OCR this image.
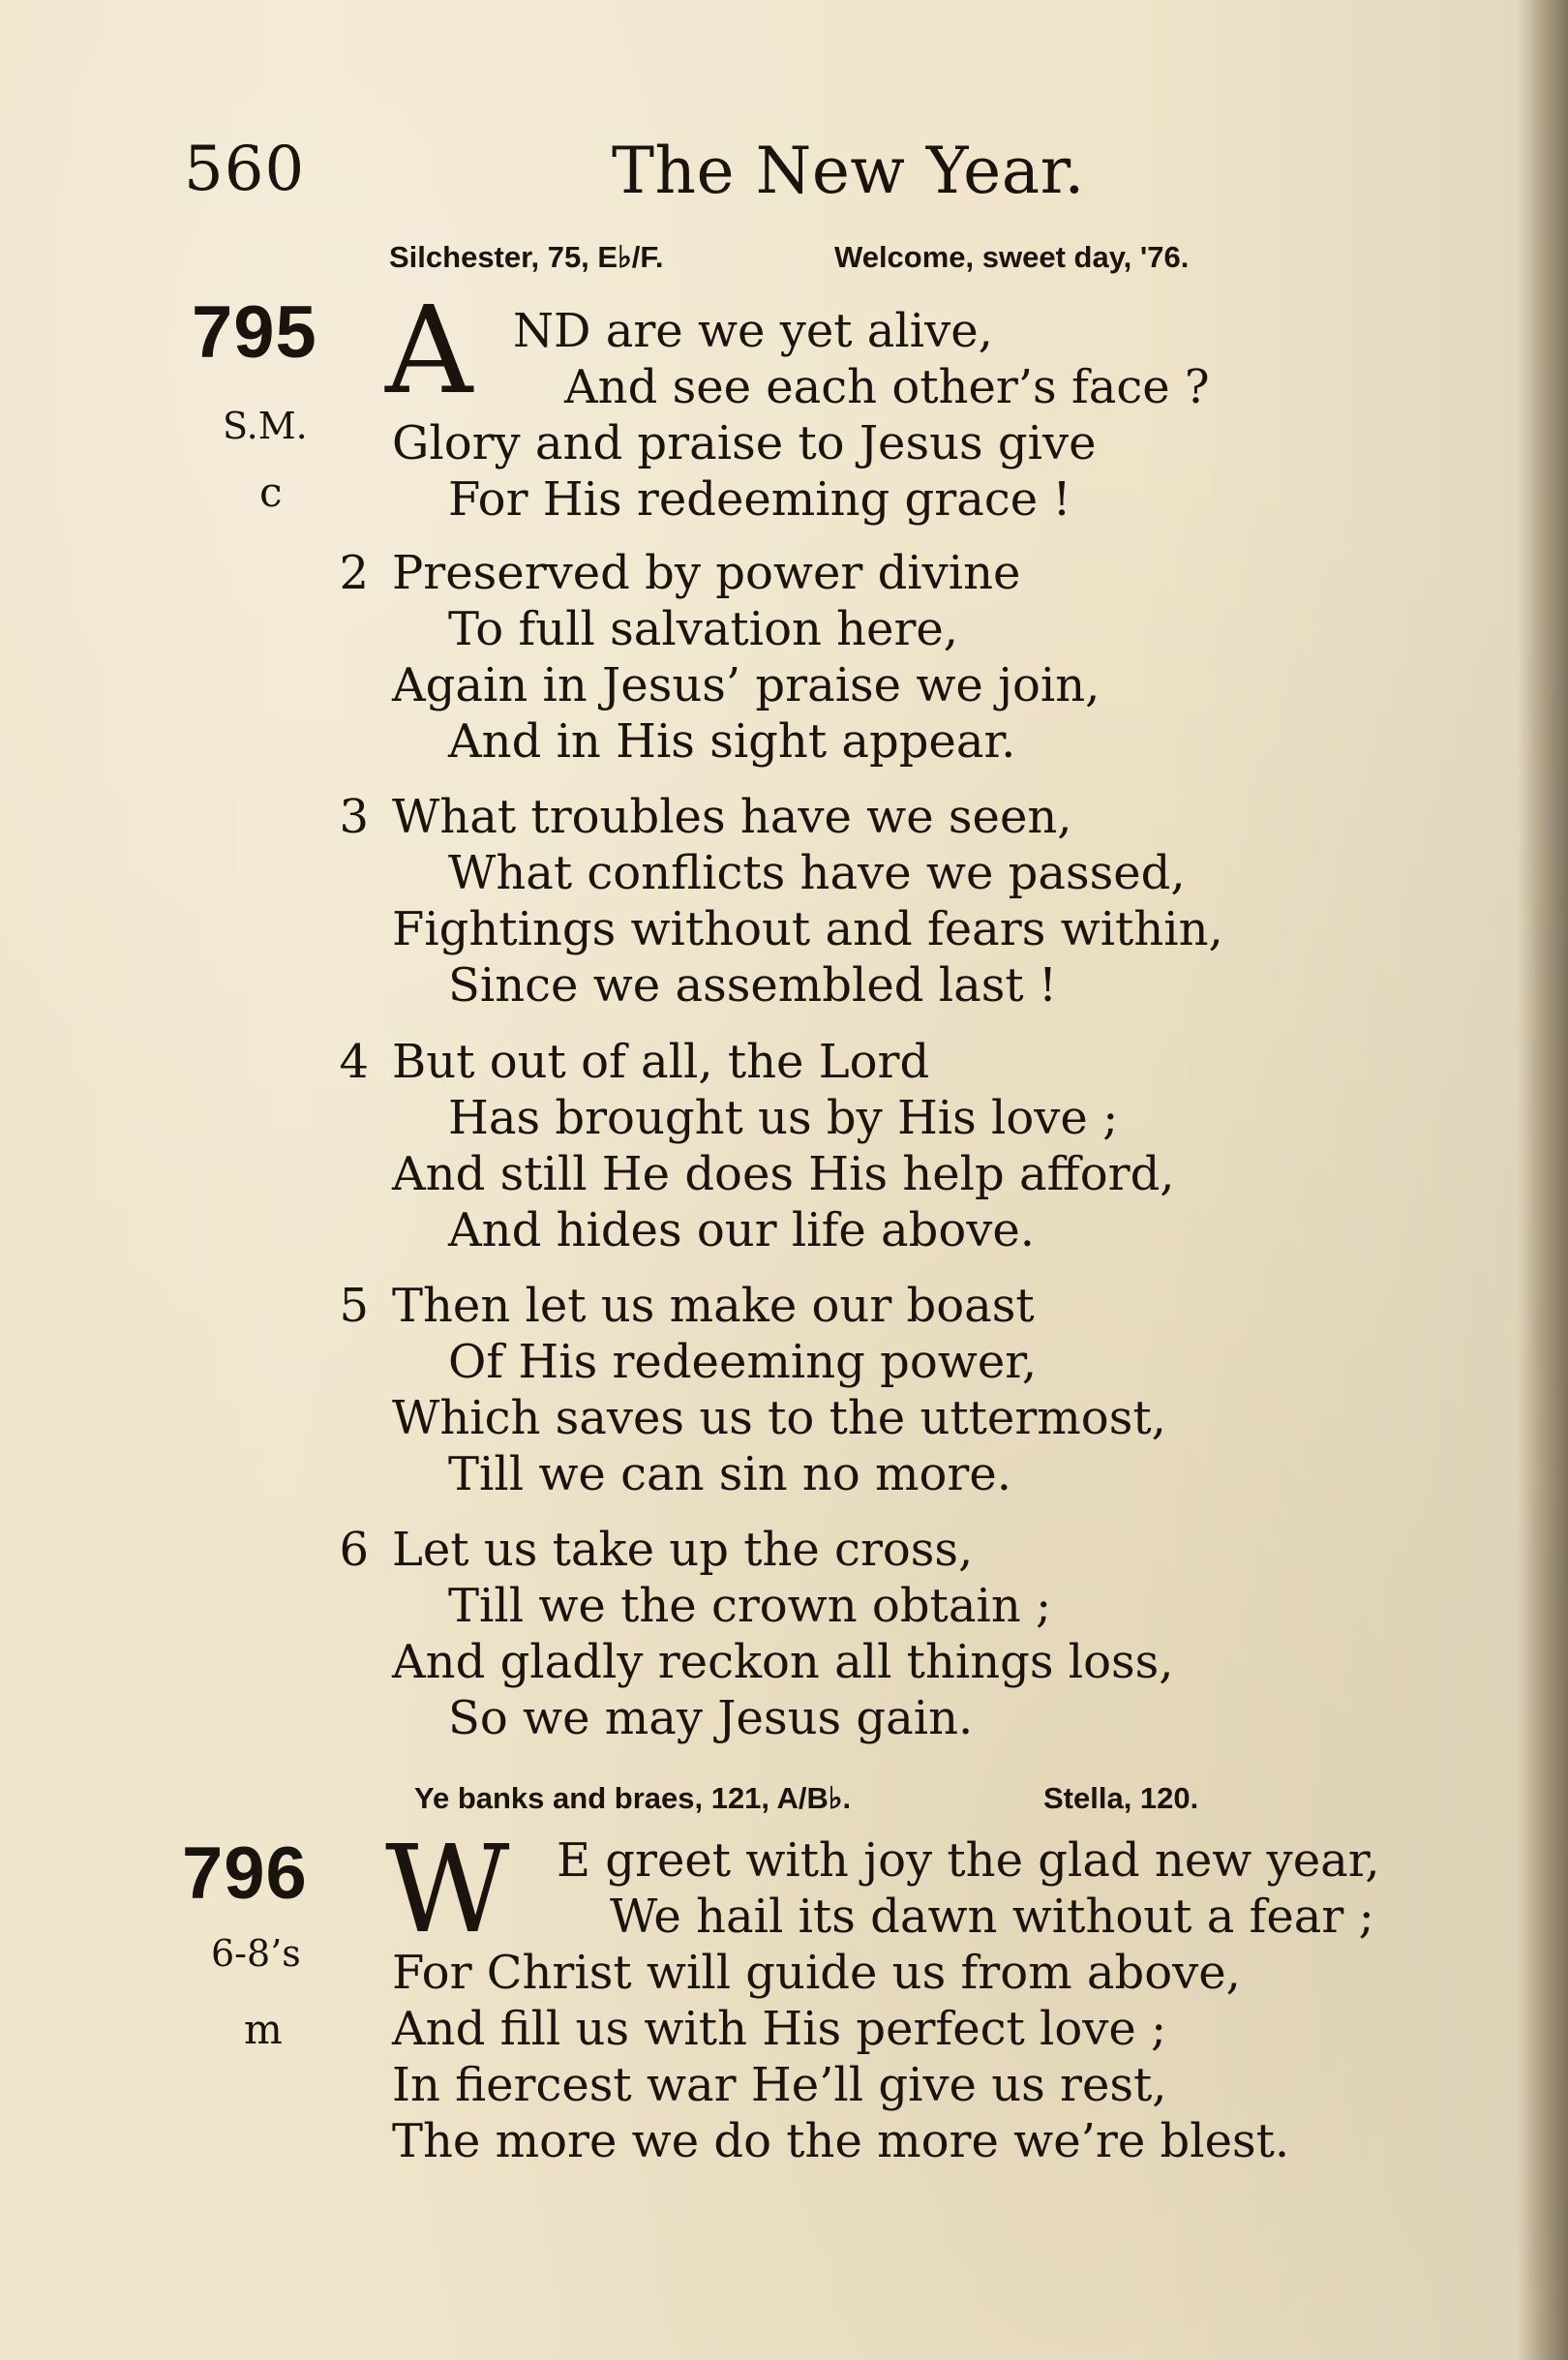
560	The New Year.
Silchester, 75, E♭/F.	Welcome, sweet day, '76.
795
S.M.
c
A ND are we yet alive,
And see each other’s face ?
Glory and praise to Jesus give
For His redeeming grace !
2 Preserved by power divine
To full salvation here,
Again in Jesus’ praise we join,
And in His sight appear.
3 What troubles have we seen,
What conflicts have we passed,
Fightings without and fears within,
Since we assembled last !
4 But out of all, the Lord
Has brought us by His love ;
And still He does His help afford,
And hides our life above.
5 Then let us make our boast
Of His redeeming power,
Which saves us to the uttermost,
Till we can sin no more.
6 Let us take up the cross,
Till we the crown obtain ;
And gladly reckon all things loss,
So we may Jesus gain.
Ye banks and braes, 121, A/B♭.	Stella, 120.
796
6-8’s
m
W E greet with joy the glad new year,
We hail its dawn without a fear ;
For Christ will guide us from above,
And fill us with His perfect love ;
In fiercest war He’ll give us rest,
The more we do the more we’re blest.
